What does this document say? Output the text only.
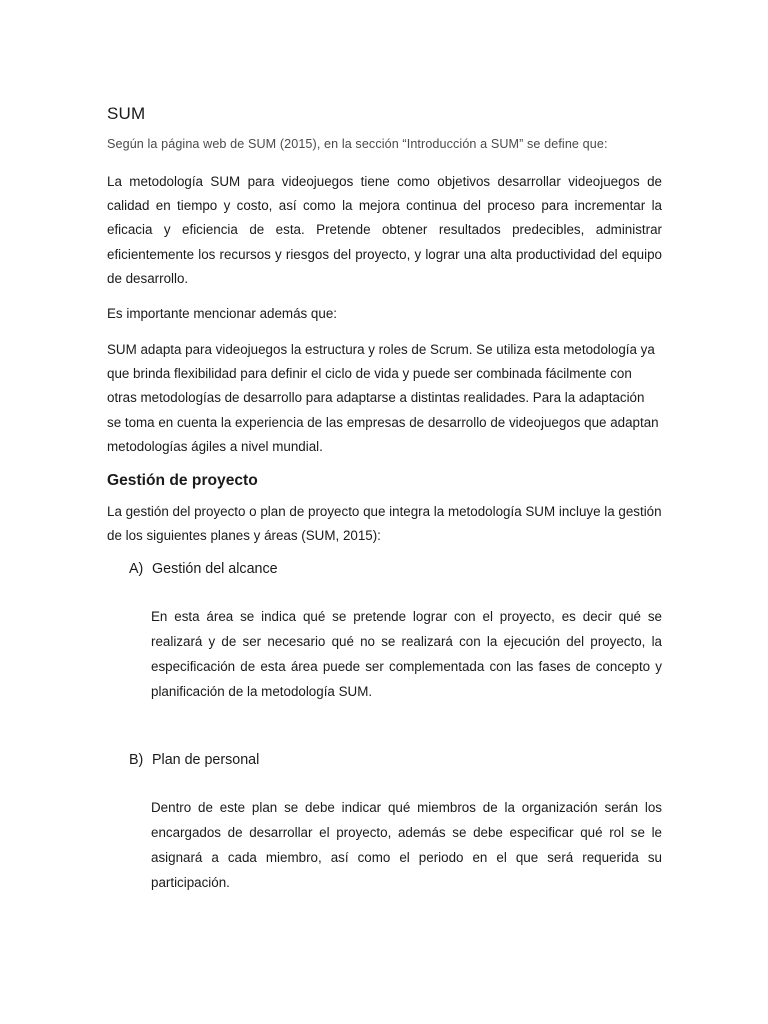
SUM

Según la página web de SUM (2015), en la sección “Introducción a SUM” se define que:

La metodología SUM para videojuegos tiene como objetivos desarrollar videojuegos de calidad en tiempo y costo, así como la mejora continua del proceso para incrementar la eficacia y eficiencia de esta. Pretende obtener resultados predecibles, administrar eficientemente los recursos y riesgos del proyecto, y lograr una alta productividad del equipo de desarrollo.

Es importante mencionar además que:

SUM adapta para videojuegos la estructura y roles de Scrum. Se utiliza esta metodología ya que brinda flexibilidad para definir el ciclo de vida y puede ser combinada fácilmente con otras metodologías de desarrollo para adaptarse a distintas realidades. Para la adaptación se toma en cuenta la experiencia de las empresas de desarrollo de videojuegos que adaptan metodologías ágiles a nivel mundial.

Gestión de proyecto

La gestión del proyecto o plan de proyecto que integra la metodología SUM incluye la gestión de los siguientes planes y áreas (SUM, 2015):

A) Gestión del alcance

En esta área se indica qué se pretende lograr con el proyecto, es decir qué se realizará y de ser necesario qué no se realizará con la ejecución del proyecto, la especificación de esta área puede ser complementada con las fases de concepto y planificación de la metodología SUM.

B) Plan de personal

Dentro de este plan se debe indicar qué miembros de la organización serán los encargados de desarrollar el proyecto, además se debe especificar qué rol se le asignará a cada miembro, así como el periodo en el que será requerida su participación.
